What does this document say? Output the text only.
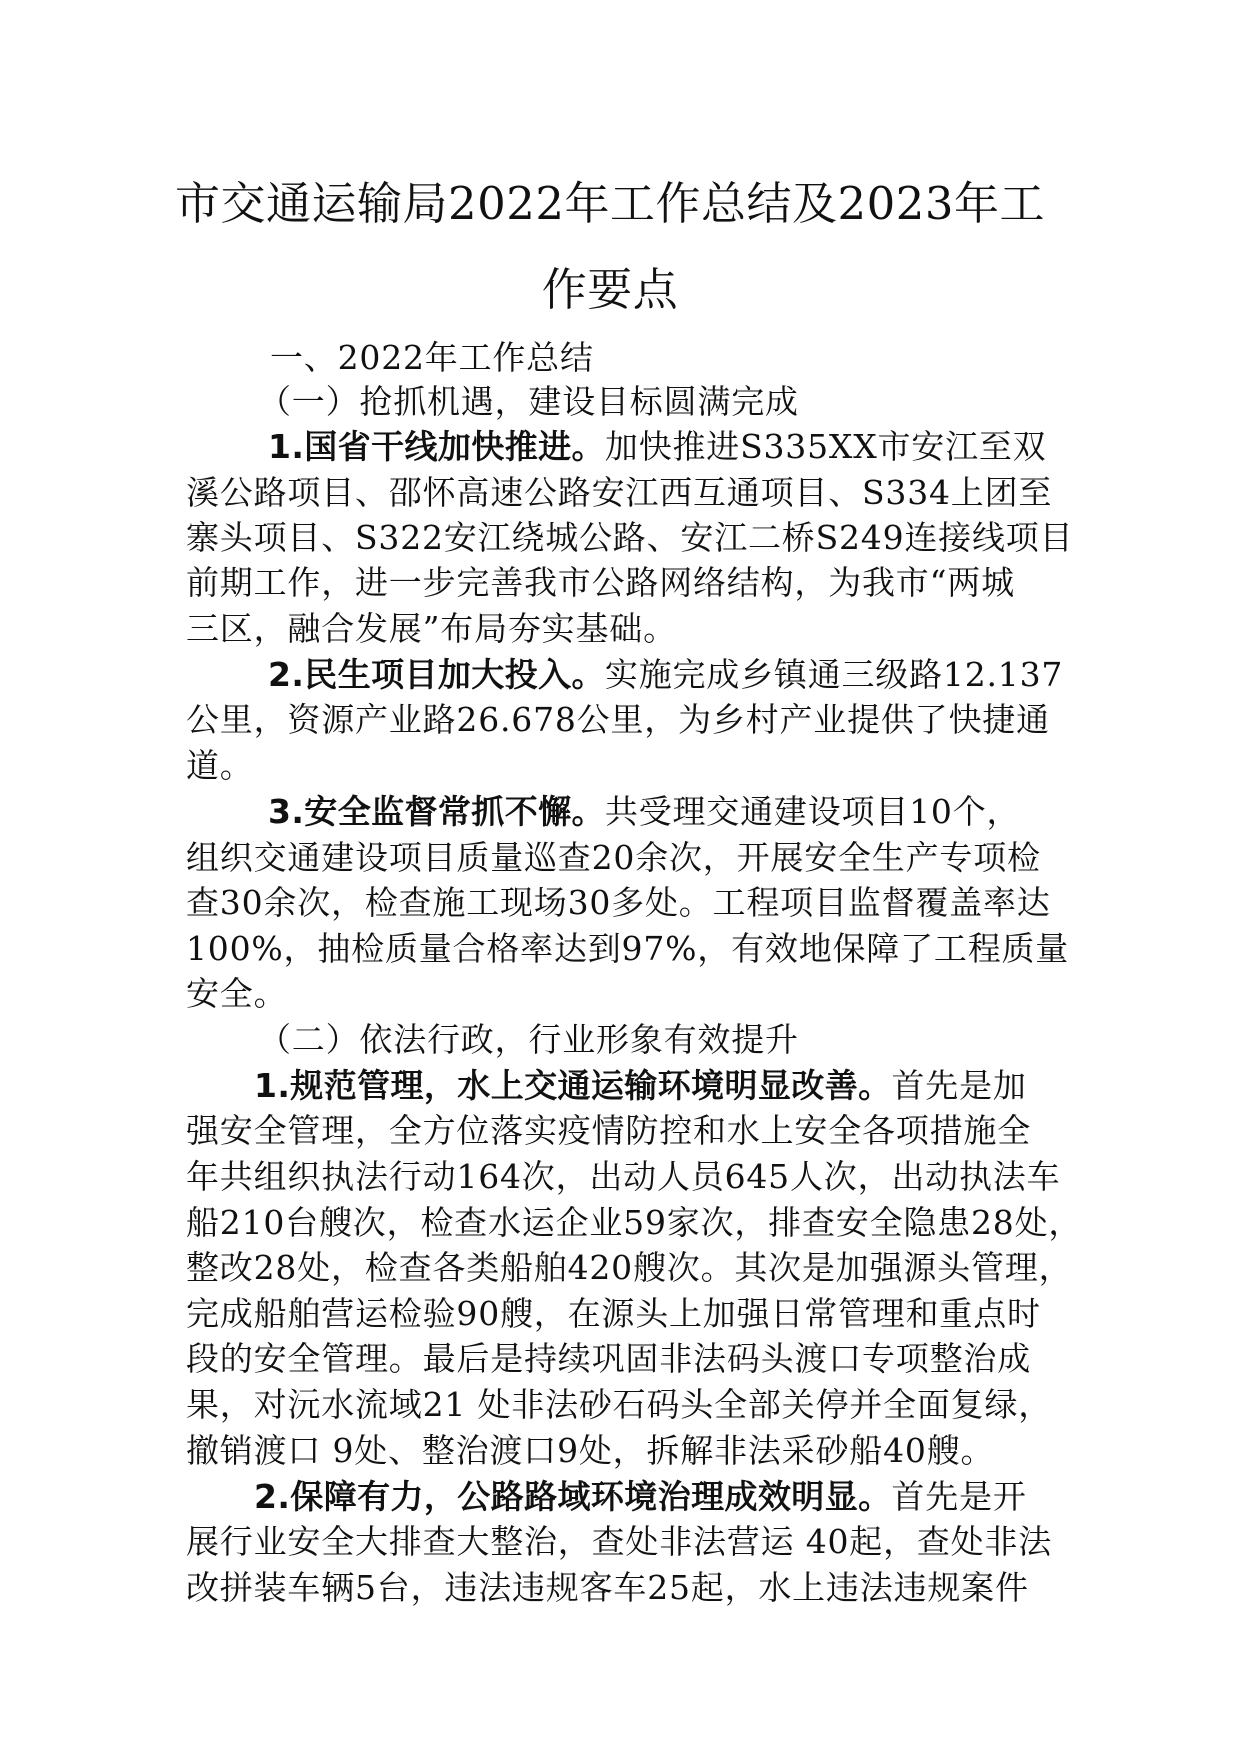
市交通运输局2022年工作总结及2023年工
作要点
一、2022年工作总结
（一）抢抓机遇，建设目标圆满完成
1.国省干线加快推进。加快推进S335XX市安江至双
溪公路项目、邵怀高速公路安江西互通项目、S334上团至
寨头项目、S322安江绕城公路、安江二桥S249连接线项目
前期工作，进一步完善我市公路网络结构，为我市“两城
三区，融合发展”布局夯实基础。
2.民生项目加大投入。实施完成乡镇通三级路12.137
公里，资源产业路26.678公里，为乡村产业提供了快捷通
道。
3.安全监督常抓不懈。共受理交通建设项目10个，
组织交通建设项目质量巡查20余次，开展安全生产专项检
查30余次，检查施工现场30多处。工程项目监督覆盖率达
100%，抽检质量合格率达到97%，有效地保障了工程质量
安全。
（二）依法行政，行业形象有效提升
1.规范管理，水上交通运输环境明显改善。首先是加
强安全管理，全方位落实疫情防控和水上安全各项措施全
年共组织执法行动164次，出动人员645人次，出动执法车
船210台艘次，检查水运企业59家次，排查安全隐患28处，
整改28处，检查各类船舶420艘次。其次是加强源头管理，
完成船舶营运检验90艘，在源头上加强日常管理和重点时
段的安全管理。最后是持续巩固非法码头渡口专项整治成
果，对沅水流域21 处非法砂石码头全部关停并全面复绿，
撤销渡口 9处、整治渡口9处，拆解非法采砂船40艘。
2.保障有力，公路路域环境治理成效明显。首先是开
展行业安全大排查大整治，查处非法营运 40起，查处非法
改拼装车辆5台，违法违规客车25起，水上违法违规案件
